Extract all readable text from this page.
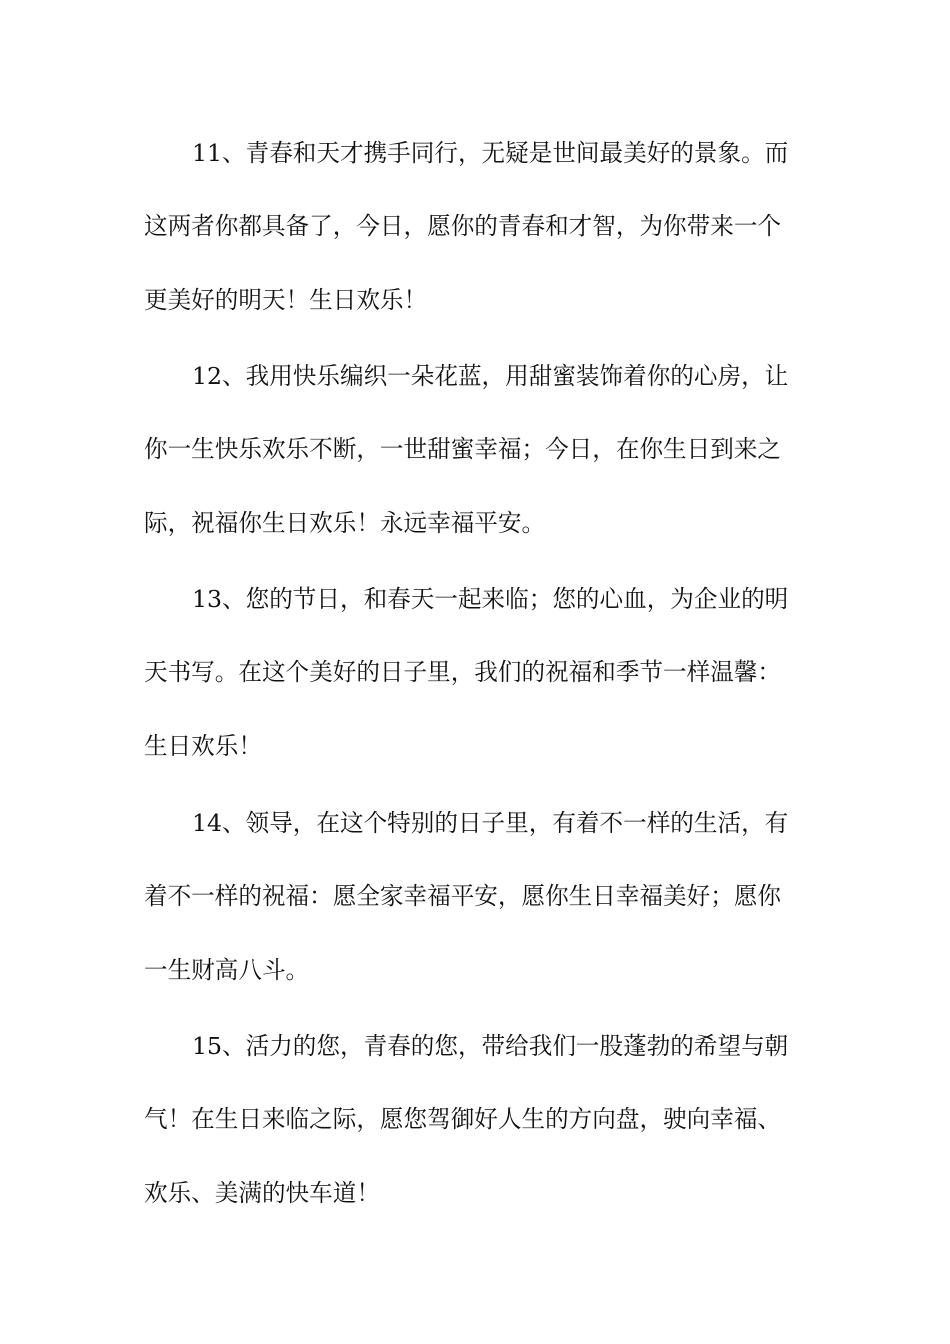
11、青春和天才携手同行，无疑是世间最美好的景象。而
这两者你都具备了，今日，愿你的青春和才智，为你带来一个
更美好的明天！生日欢乐！
12、我用快乐编织一朵花蓝，用甜蜜装饰着你的心房，让
你一生快乐欢乐不断，一世甜蜜幸福；今日，在你生日到来之
际，祝福你生日欢乐！永远幸福平安。
13、您的节日，和春天一起来临；您的心血，为企业的明
天书写。在这个美好的日子里，我们的祝福和季节一样温馨：
生日欢乐！
14、领导，在这个特别的日子里，有着不一样的生活，有
着不一样的祝福：愿全家幸福平安，愿你生日幸福美好；愿你
一生财高八斗。
15、活力的您，青春的您，带给我们一股蓬勃的希望与朝
气！在生日来临之际，愿您驾御好人生的方向盘，驶向幸福、
欢乐、美满的快车道！
